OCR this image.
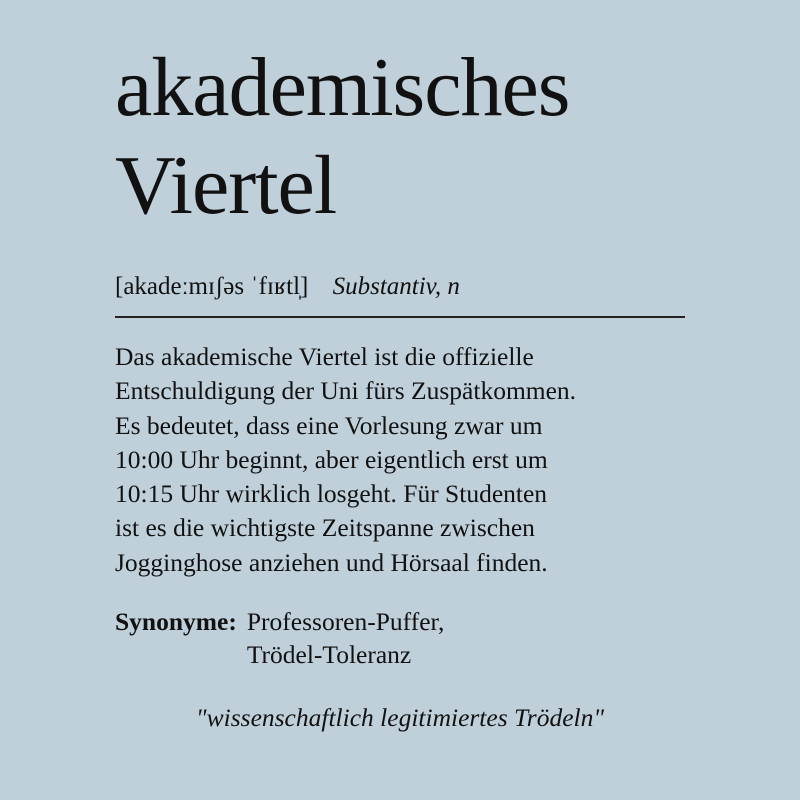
akademisches
Viertel
[akadeːmɪʃəs ˈfɪʁtl̩] Substantiv, n
Das akademische Viertel ist die offizielle
Entschuldigung der Uni fürs Zuspätkommen.
Es bedeutet, dass eine Vorlesung zwar um
10:00 Uhr beginnt, aber eigentlich erst um
10:15 Uhr wirklich losgeht. Für Studenten
ist es die wichtigste Zeitspanne zwischen
Jogginghose anziehen und Hörsaal finden.
Synonyme: Professoren-Puffer,
Trödel-Toleranz
"wissenschaftlich legitimiertes Trödeln"
